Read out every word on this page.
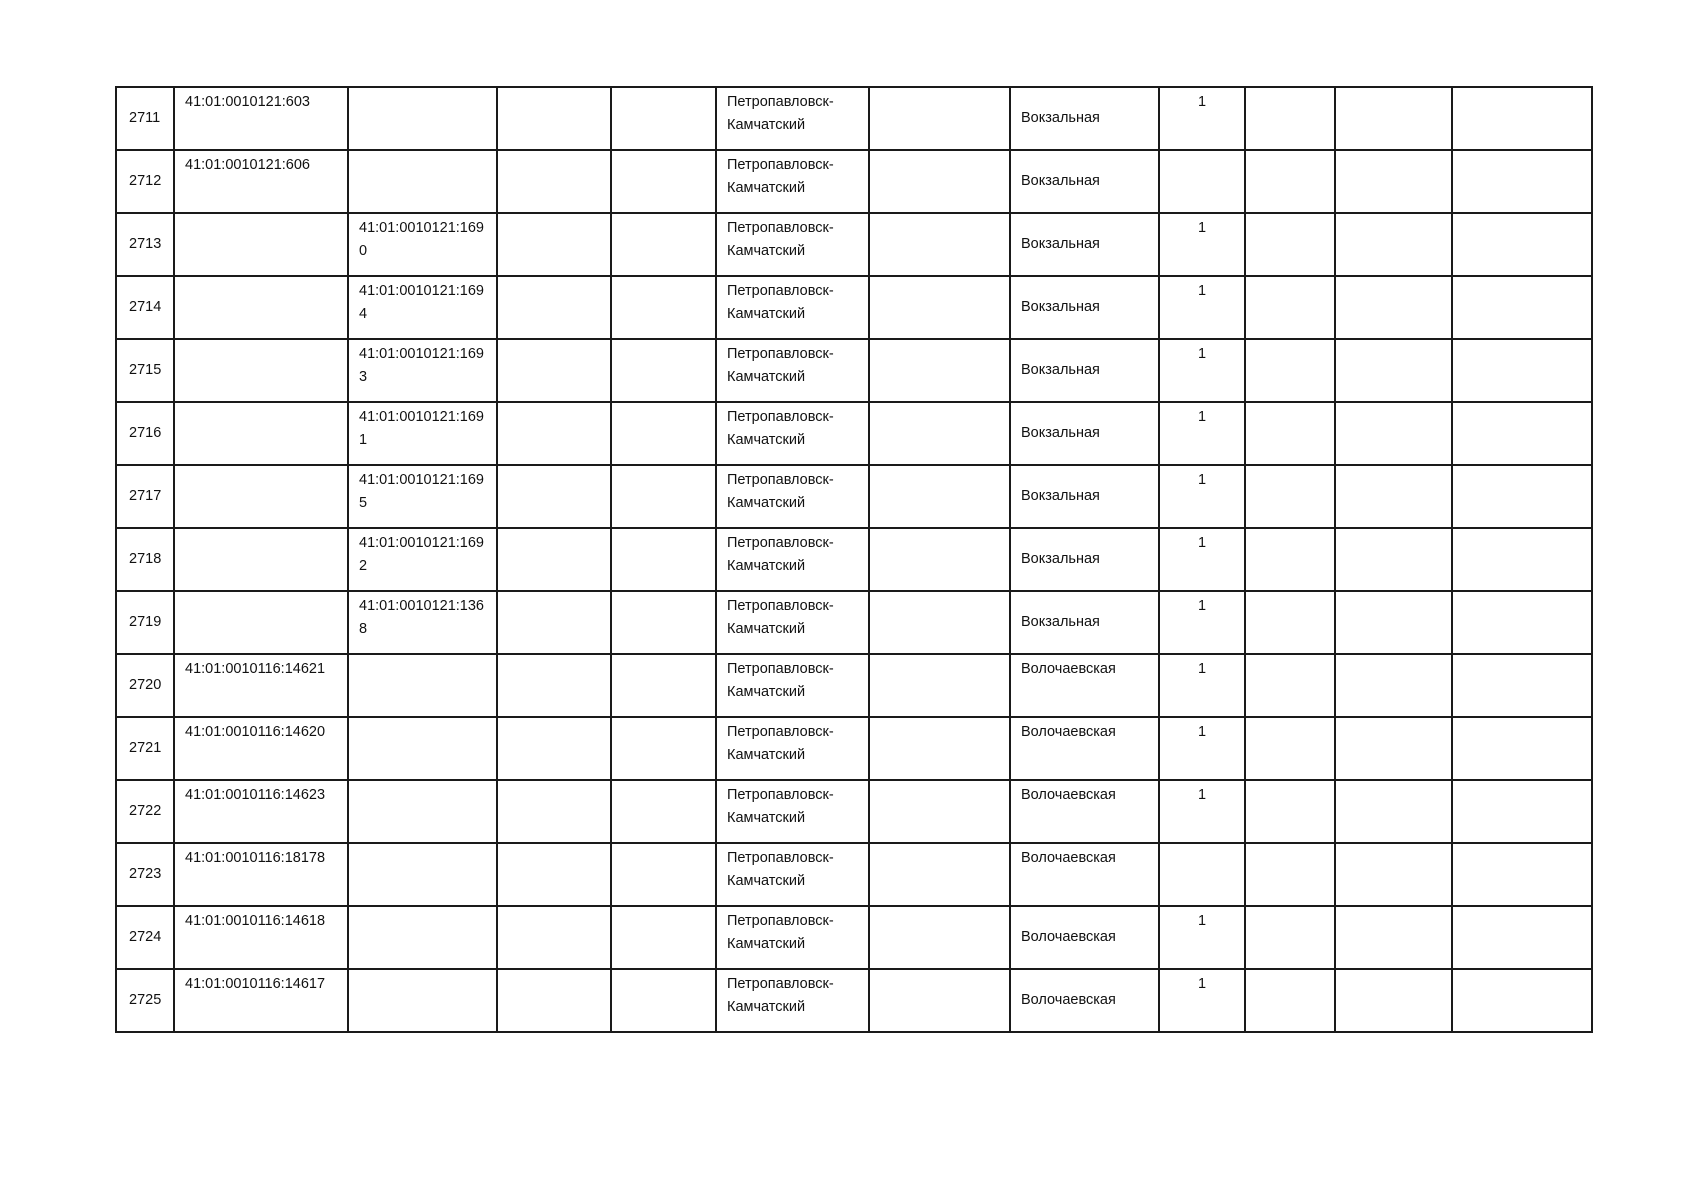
2711	41:01:0010121:603				Петропавловск-Камчатский		Вокзальная	1			
2712	41:01:0010121:606				Петропавловск-Камчатский		Вокзальная				
2713		41:01:0010121:1690			Петропавловск-Камчатский		Вокзальная	1			
2714		41:01:0010121:1694			Петропавловск-Камчатский		Вокзальная	1			
2715		41:01:0010121:1693			Петропавловск-Камчатский		Вокзальная	1			
2716		41:01:0010121:1691			Петропавловск-Камчатский		Вокзальная	1			
2717		41:01:0010121:1695			Петропавловск-Камчатский		Вокзальная	1			
2718		41:01:0010121:1692			Петропавловск-Камчатский		Вокзальная	1			
2719		41:01:0010121:1368			Петропавловск-Камчатский		Вокзальная	1			
2720	41:01:0010116:14621				Петропавловск-Камчатский		Волочаевская	1			
2721	41:01:0010116:14620				Петропавловск-Камчатский		Волочаевская	1			
2722	41:01:0010116:14623				Петропавловск-Камчатский		Волочаевская	1			
2723	41:01:0010116:18178				Петропавловск-Камчатский		Волочаевская				
2724	41:01:0010116:14618				Петропавловск-Камчатский		Волочаевская	1			
2725	41:01:0010116:14617				Петропавловск-Камчатский		Волочаевская	1			
